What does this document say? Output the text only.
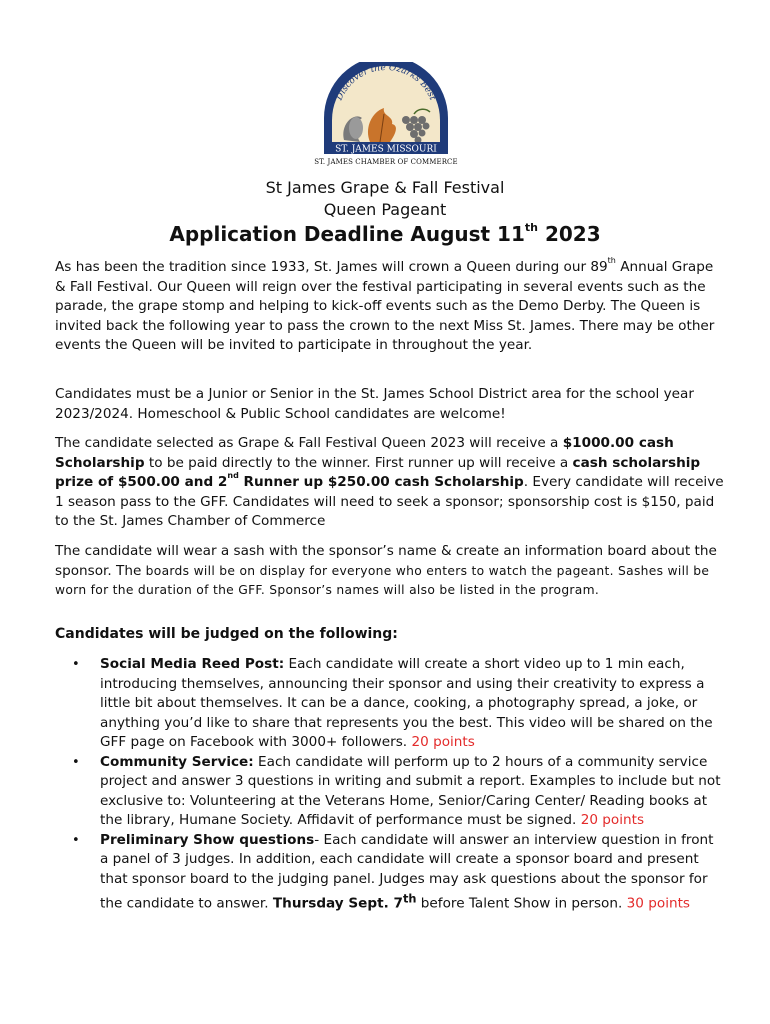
Discover the Ozarks Best
ST. JAMES MISSOURI
ST. JAMES CHAMBER OF COMMERCE
St James Grape & Fall Festival
Queen Pageant
Application Deadline August 11th 2023
As has been the tradition since 1933, St. James will crown a Queen during our 89th Annual Grape & Fall Festival. Our Queen will reign over the festival participating in several events such as the parade, the grape stomp and helping to kick-off events such as the Demo Derby. The Queen is invited back the following year to pass the crown to the next Miss St. James. There may be other events the Queen will be invited to participate in throughout the year.
Candidates must be a Junior or Senior in the St. James School District area for the school year 2023/2024. Homeschool & Public School candidates are welcome!
The candidate selected as Grape & Fall Festival Queen 2023 will receive a $1000.00 cash Scholarship to be paid directly to the winner. First runner up will receive a cash scholarship prize of $500.00 and 2nd Runner up $250.00 cash Scholarship. Every candidate will receive 1 season pass to the GFF. Candidates will need to seek a sponsor; sponsorship cost is $150, paid to the St. James Chamber of Commerce
The candidate will wear a sash with the sponsor’s name & create an information board about the sponsor. The boards will be on display for everyone who enters to watch the pageant. Sashes will be worn for the duration of the GFF. Sponsor’s names will also be listed in the program.
Candidates will be judged on the following:
• Social Media Reed Post: Each candidate will create a short video up to 1 min each, introducing themselves, announcing their sponsor and using their creativity to express a little bit about themselves. It can be a dance, cooking, a photography spread, a joke, or anything you’d like to share that represents you the best. This video will be shared on the GFF page on Facebook with 3000+ followers. 20 points
• Community Service: Each candidate will perform up to 2 hours of a community service project and answer 3 questions in writing and submit a report. Examples to include but not exclusive to: Volunteering at the Veterans Home, Senior/Caring Center/ Reading books at the library, Humane Society. Affidavit of performance must be signed. 20 points
• Preliminary Show questions- Each candidate will answer an interview question in front a panel of 3 judges. In addition, each candidate will create a sponsor board and present that sponsor board to the judging panel. Judges may ask questions about the sponsor for the candidate to answer. Thursday Sept. 7th before Talent Show in person. 30 points
